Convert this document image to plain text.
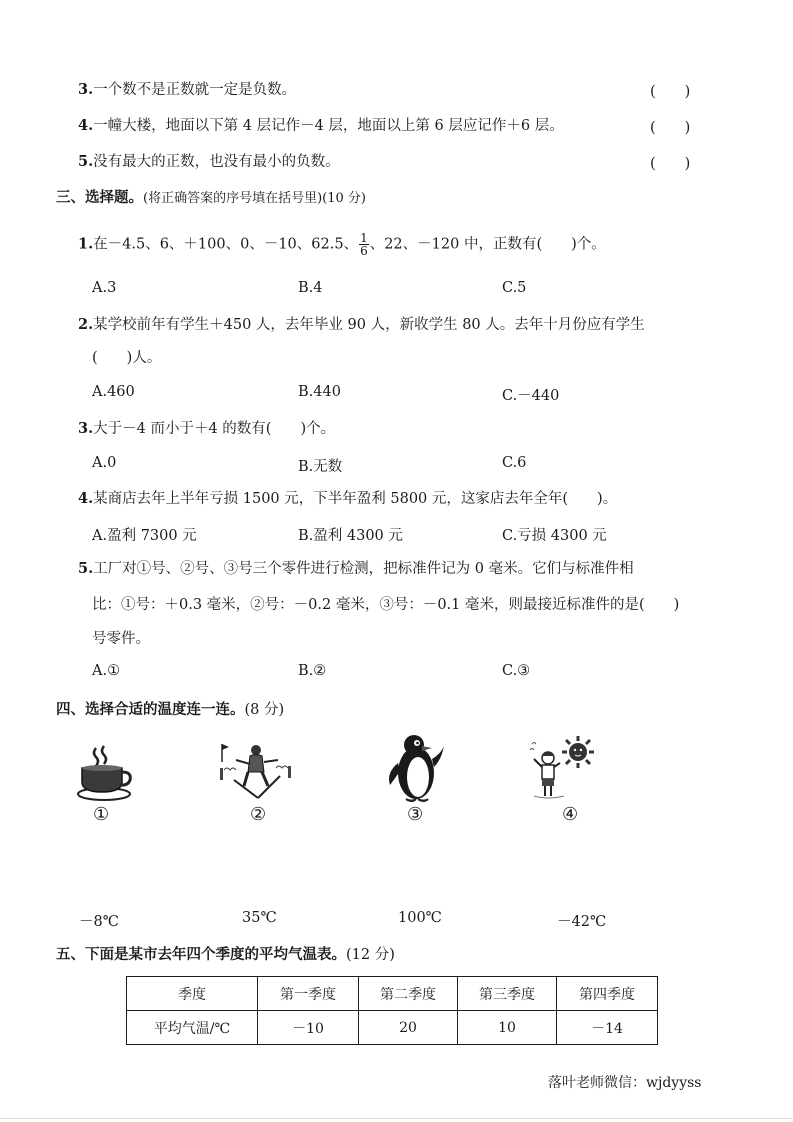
3.一个数不是正数就一定是负数。	(　　)
4.一幢大楼，地面以下第 4 层记作－4 层，地面以上第 6 层应记作＋6 层。	(　　)
5.没有最大的正数，也没有最小的负数。	(　　)
三、选择题。(将正确答案的序号填在括号里)(10 分)
1.在－4.5、6、＋100、0、－10、62.5、 $\frac{1}{6}$ 、22、－120 中，正数有(　　)个。
A.3	B.4	C.5
2.某学校前年有学生＋450 人，去年毕业 90 人，新收学生 80 人。去年十月份应有学生
(　　)人。
A.460	B.440	C.－440
3.大于－4 而小于＋4 的数有(　　)个。
A.0	B.无数	C.6
4.某商店去年上半年亏损 1500 元，下半年盈利 5800 元，这家店去年全年(　　)。
A.盈利 7300 元	B.盈利 4300 元	C.亏损 4300 元
5.工厂对①号、②号、③号三个零件进行检测，把标准件记为 0 毫米。它们与标准件相
比：①号：＋0.3 毫米，②号：－0.2 毫米，③号：－0.1 毫米，则最接近标准件的是(　　)
号零件。
A.①	B.②	C.③
四、选择合适的温度连一连。(8 分)
①	②	③	④
－8℃	35℃	100℃	－42℃
五、下面是某市去年四个季度的平均气温表。(12 分)
季度	第一季度	第二季度	第三季度	第四季度
平均气温/℃	－10	20	10	－14
落叶老师微信：wjdyyss
